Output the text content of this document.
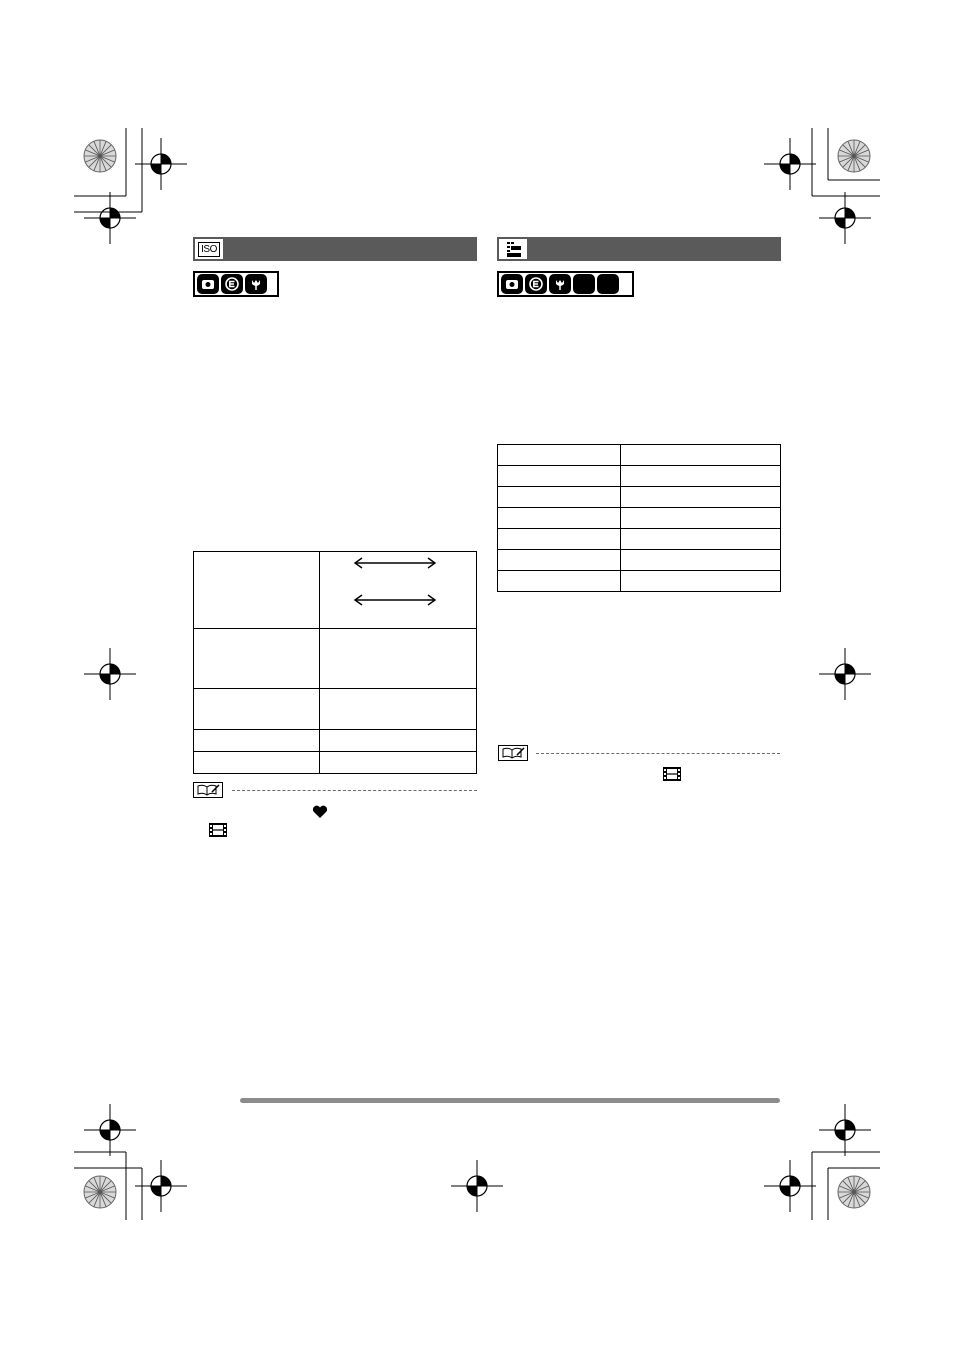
ISO
